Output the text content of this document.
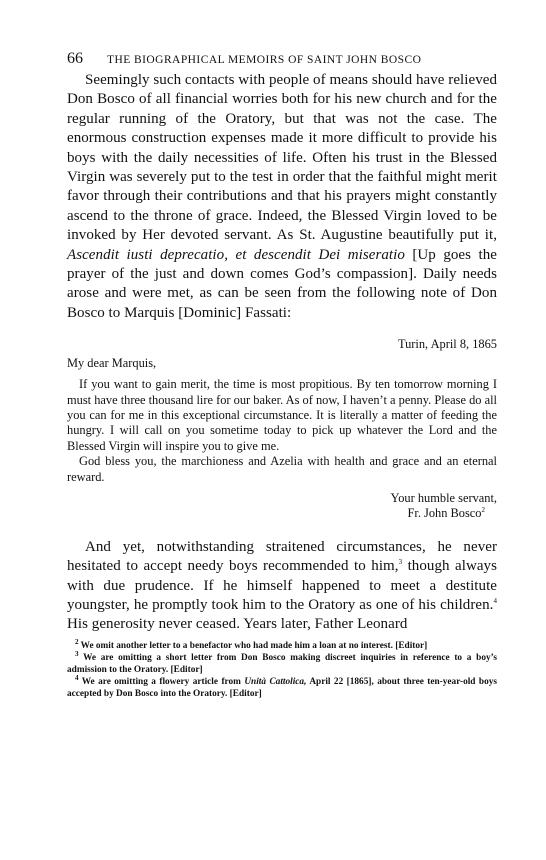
66	THE BIOGRAPHICAL MEMOIRS OF SAINT JOHN BOSCO

Seemingly such contacts with people of means should have relieved Don Bosco of all financial worries both for his new church and for the regular running of the Oratory, but that was not the case. The enormous construction expenses made it more difficult to provide his boys with the daily necessities of life. Often his trust in the Blessed Virgin was severely put to the test in order that the faithful might merit favor through their contributions and that his prayers might constantly ascend to the throne of grace. Indeed, the Blessed Virgin loved to be invoked by Her devoted servant. As St. Augustine beautifully put it, Ascendit iusti deprecatio, et descendit Dei miseratio [Up goes the prayer of the just and down comes God’s compassion]. Daily needs arose and were met, as can be seen from the following note of Don Bosco to Marquis [Dominic] Fassati:

Turin, April 8, 1865

My dear Marquis,

If you want to gain merit, the time is most propitious. By ten tomorrow morning I must have three thousand lire for our baker. As of now, I haven’t a penny. Please do all you can for me in this exceptional circumstance. It is literally a matter of feeding the hungry. I will call on you sometime today to pick up whatever the Lord and the Blessed Virgin will inspire you to give me.

God bless you, the marchioness and Azelia with health and grace and an eternal reward.

Your humble servant,

Fr. John Bosco$^2$

And yet, notwithstanding straitened circumstances, he never hesitated to accept needy boys recommended to him,$^3$ though always with due prudence. If he himself happened to meet a destitute youngster, he promptly took him to the Oratory as one of his children.$^4$ His generosity never ceased. Years later, Father Leonard

$^2$ We omit another letter to a benefactor who had made him a loan at no interest. [Editor]

$^3$ We are omitting a short letter from Don Bosco making discreet inquiries in reference to a boy’s admission to the Oratory. [Editor]

$^4$ We are omitting a flowery article from Unità Cattolica, April 22 [1865], about three ten-year-old boys accepted by Don Bosco into the Oratory. [Editor]
